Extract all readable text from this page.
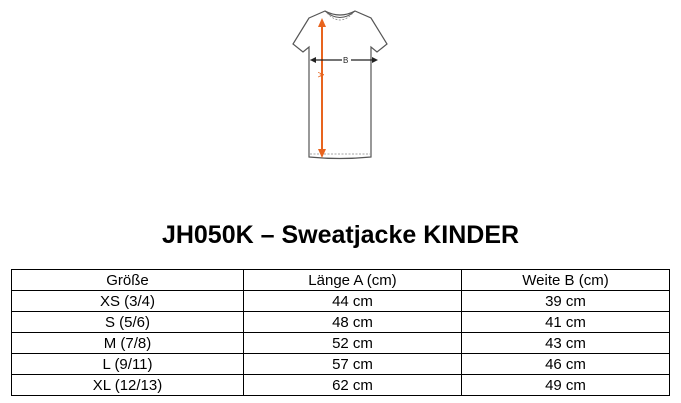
A
B
JH050K – Sweatjacke KINDER
Größe	Länge A (cm)	Weite B (cm)
XS (3/4)	44 cm	39 cm
S (5/6)	48 cm	41 cm
M (7/8)	52 cm	43 cm
L (9/11)	57 cm	46 cm
XL (12/13)	62 cm	49 cm
